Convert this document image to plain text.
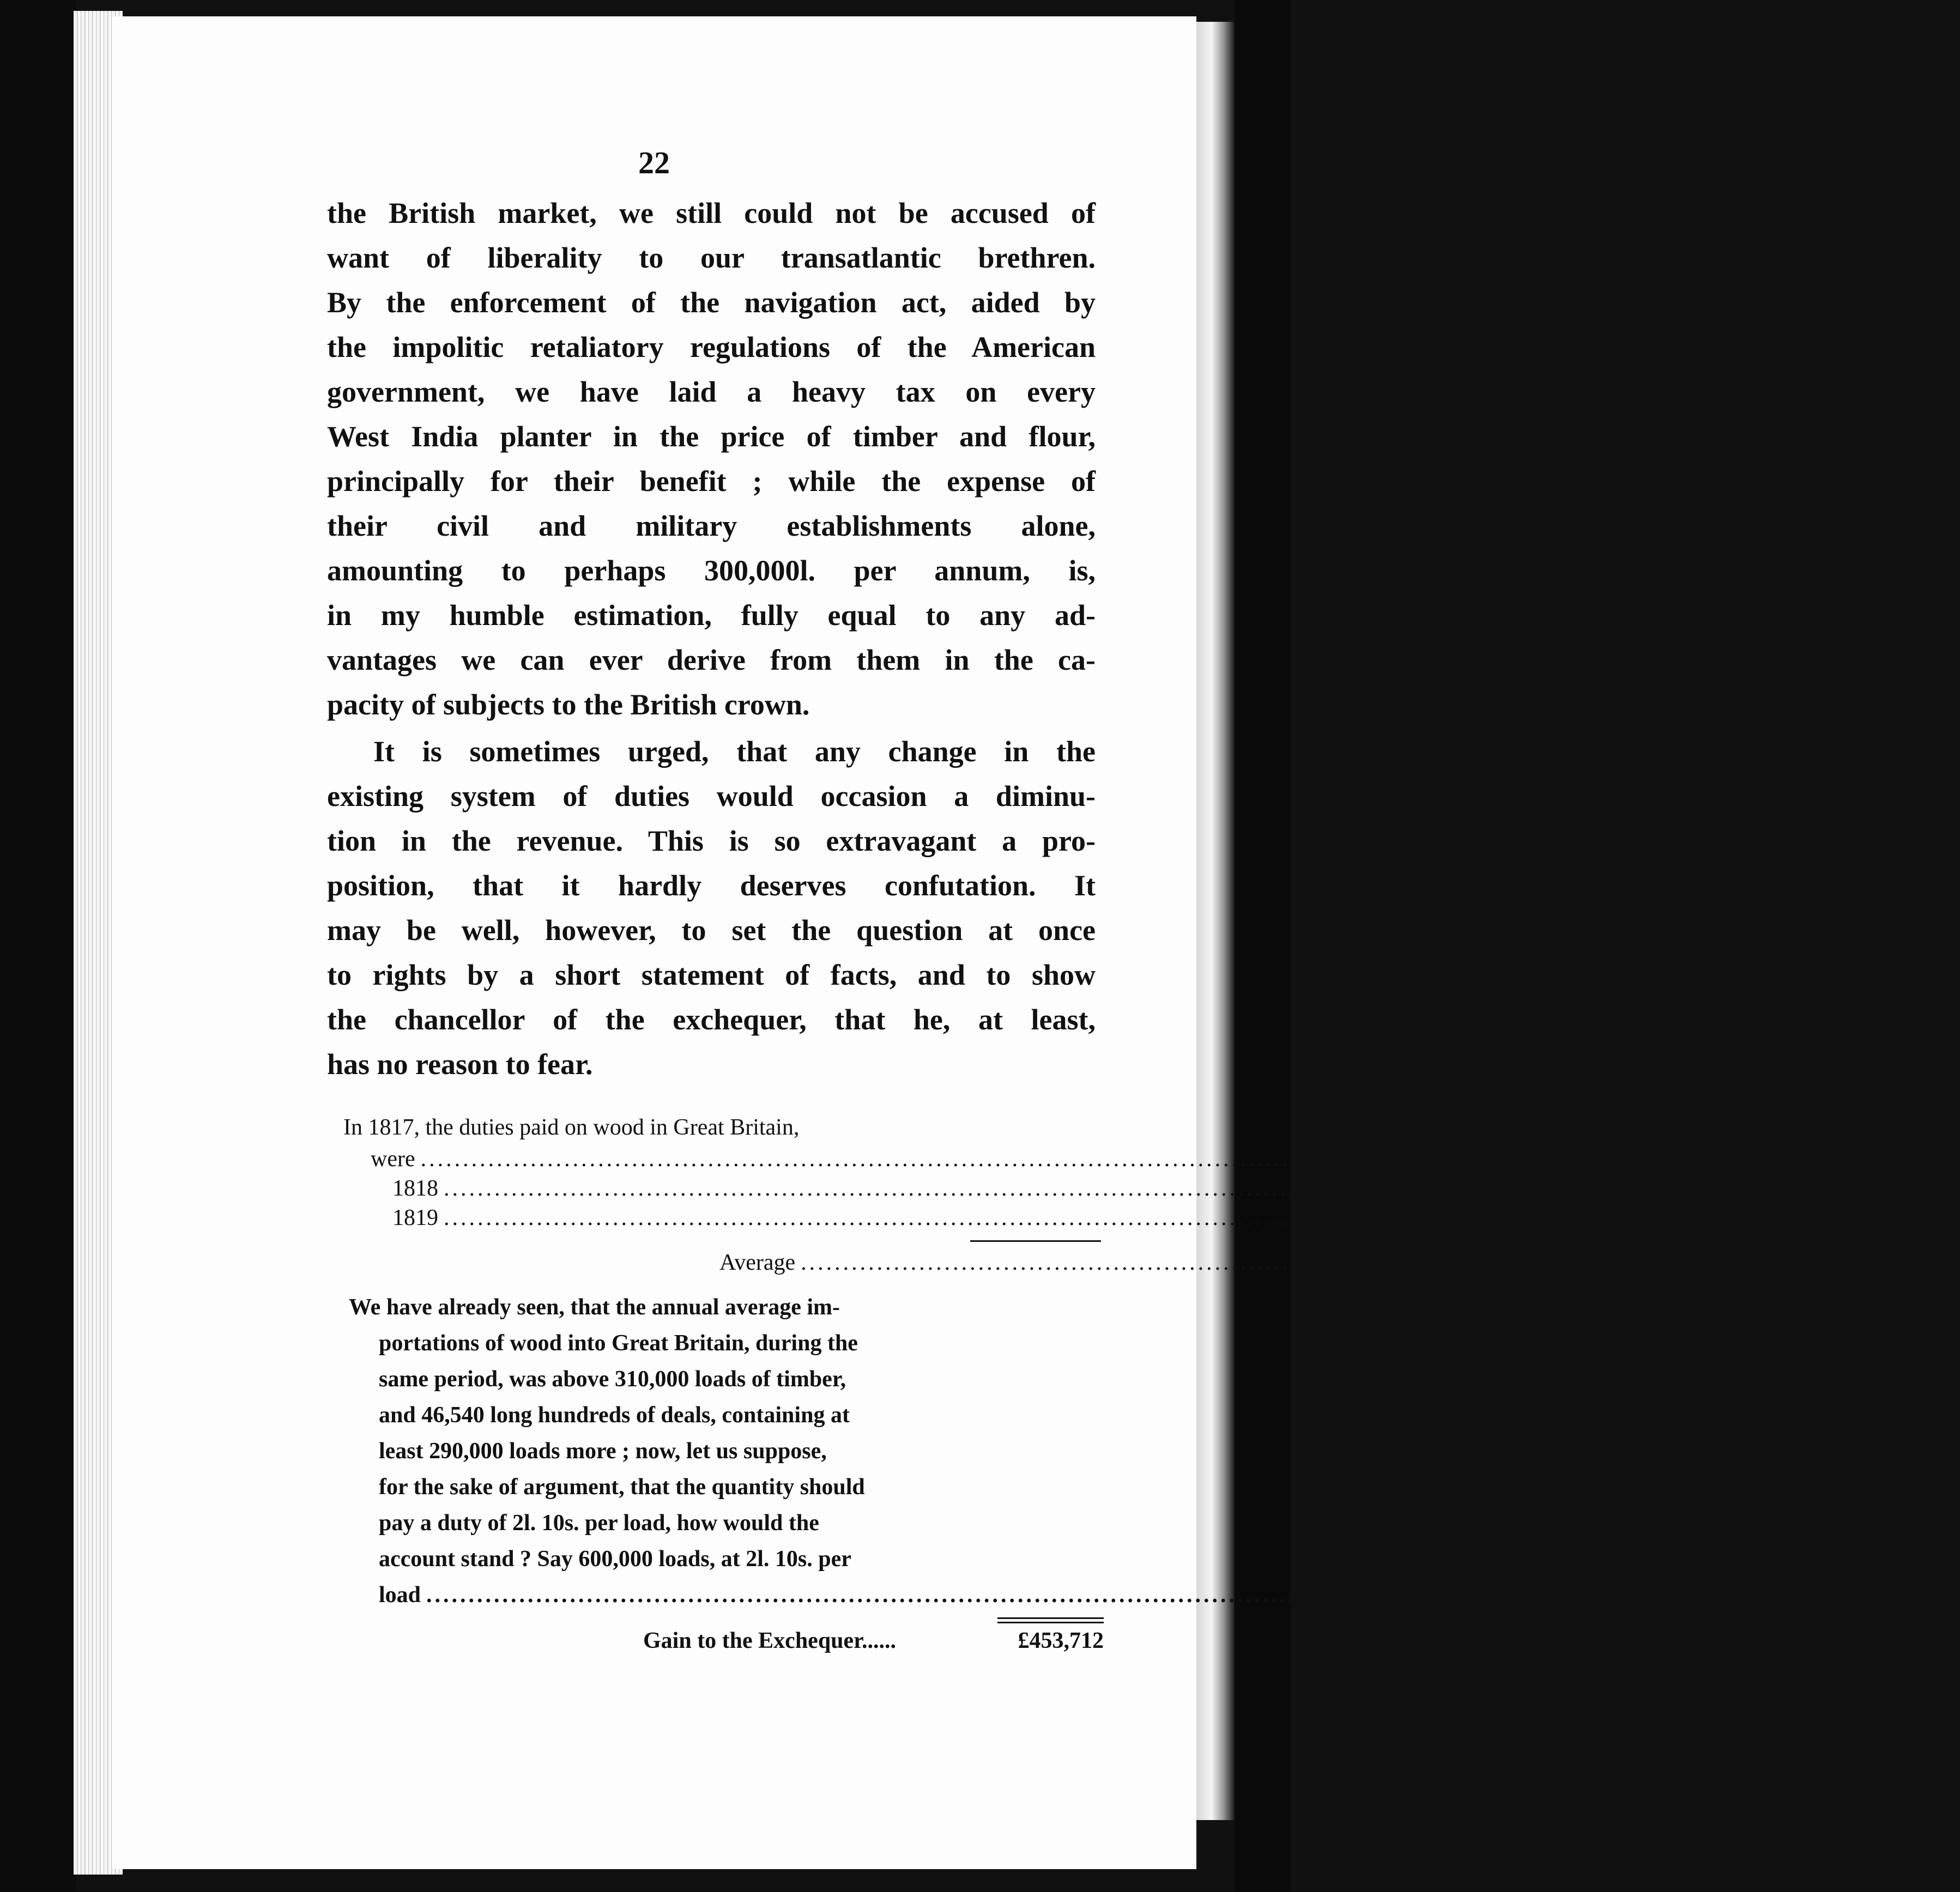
22
the British market, we still could not be accused of
want of liberality to our transatlantic brethren.
By the enforcement of the navigation act, aided by
the impolitic retaliatory regulations of the American
government, we have laid a heavy tax on every
West India planter in the price of timber and flour,
principally for their benefit ; while the expense of
their civil and military establishments alone,
amounting to perhaps 300,000l. per annum, is,
in my humble estimation, fully equal to any ad-
vantages we can ever derive from them in the ca-
pacity of subjects to the British crown.
It is sometimes urged, that any change in the
existing system of duties would occasion a diminu-
tion in the revenue. This is so extravagant a pro-
position, that it hardly deserves confutation. It
may be well, however, to set the question at once
to rights by a short statement of facts, and to show
the chancellor of the exchequer, that he, at least,
has no reason to fear.
In 1817, the duties paid on wood in Great Britain,
were ........................................................................................................................................................................ £937,268
1818 ........................................................................................................................................................................ 1,182 285
1819 ........................................................................................................................................................................ 1,019,311
Average .......................................................................... £1,046,288
We have already seen, that the annual average im-
portations of wood into Great Britain, during the
same period, was above 310,000 loads of timber,
and 46,540 long hundreds of deals, containing at
least 290,000 loads more ; now, let us suppose,
for the sake of argument, that the quantity should
pay a duty of 2l. 10s. per load, how would the
account stand ? Say 600,000 loads, at 2l. 10s. per
load ...................................................................................................................................... 1,500,000
Gain to the Exchequer......	£453,712
